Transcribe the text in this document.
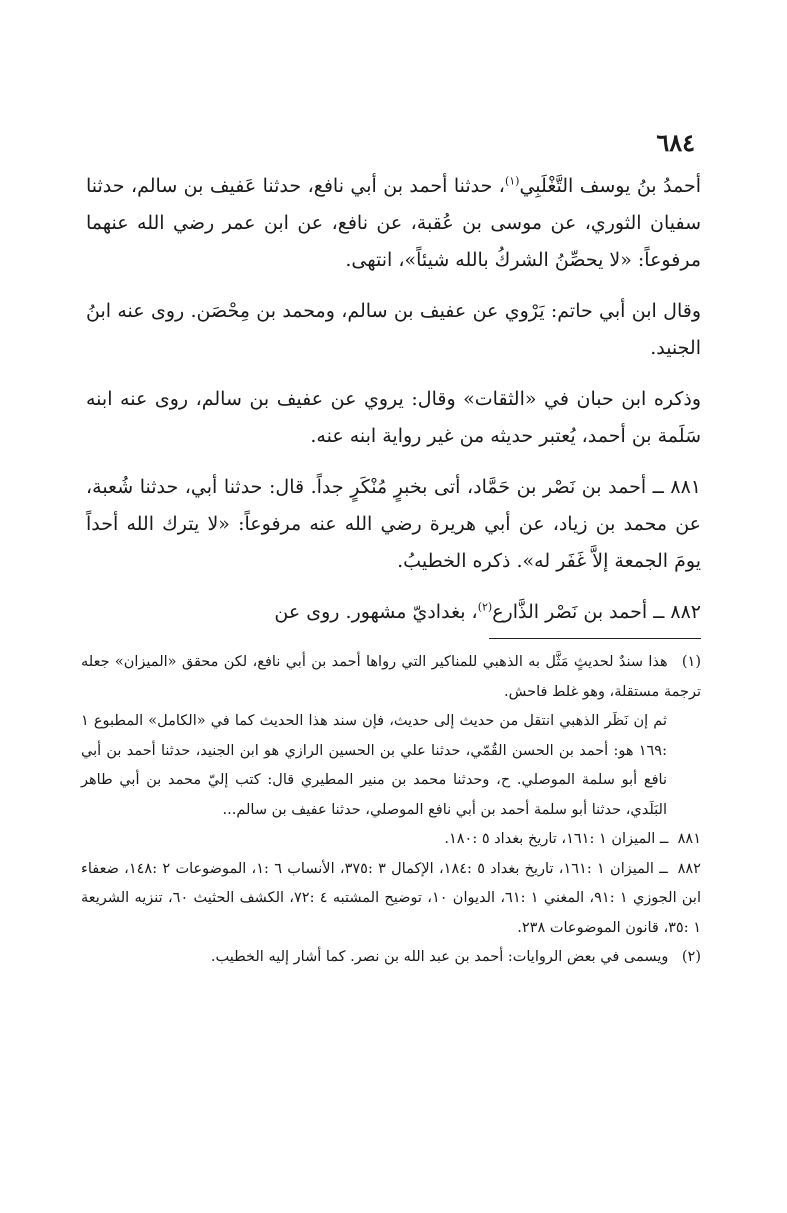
٦٨٤

أحمدُ بنُ يوسف التَّغْلَبِي$^{(١)}$، حدثنا أحمد بن أبي نافع، حدثنا عَفيف بن سالم، حدثنا سفيان الثوري، عن موسى بن عُقبة، عن نافع، عن ابن عمر رضي الله عنهما مرفوعاً: «لا يحصِّنُ الشركُ بالله شيئاً»، انتهى.

وقال ابن أبي حاتم: يَرْوي عن عفيف بن سالم، ومحمد بن مِحْصَن. روى عنه ابنُ الجنيد.

وذكره ابن حبان في «الثقات» وقال: يروي عن عفيف بن سالم، روى عنه ابنه سَلَمة بن أحمد، يُعتبر حديثه من غير رواية ابنه عنه.

٨٨١ ــ أحمد بن نَصْر بن حَمَّاد، أتى بخبرٍ مُنْكَرٍ جداً. قال: حدثنا أبي، حدثنا شُعبة، عن محمد بن زياد، عن أبي هريرة رضي الله عنه مرفوعاً: «لا يترك الله أحداً يومَ الجمعة إلاَّ غَفَر له». ذكره الخطيبُ.

٨٨٢ ــ أحمد بن نَصْر الذَّارع$^{(٢)}$، بغداديّ مشهور. روى عن

(١) هذا سندٌ لحديثٍ مَثَّل به الذهبي للمناكير التي رواها أحمد بن أبي نافع، لكن محقق «الميزان» جعله ترجمة مستقلة، وهو غلط فاحش.

ثم إن نَظَر الذهبي انتقل من حديث إلى حديث، فإن سند هذا الحديث كما في «الكامل» المطبوع ١ :١٦٩ هو: أحمد بن الحسن القُمّي، حدثنا علي بن الحسين الرازي هو ابن الجنيد، حدثنا أحمد بن أبي نافع أبو سلمة الموصلي. ح، وحدثنا محمد بن منير المطيري قال: كتب إليّ محمد بن أبي طاهر البَلَدي، حدثنا أبو سلمة أحمد بن أبي نافع الموصلي، حدثنا عفيف بن سالم...

٨٨١ ــ الميزان ١ :١٦١، تاريخ بغداد ٥ :١٨٠.

٨٨٢ ــ الميزان ١ :١٦١، تاريخ بغداد ٥ :١٨٤، الإكمال ٣ :٣٧٥، الأنساب ٦ :١، الموضوعات ٢ :١٤٨، ضعفاء ابن الجوزي ١ :٩١، المغني ١ :٦١، الديوان ١٠، توضيح المشتبه ٤ :٧٢، الكشف الحثيث ٦٠، تنزيه الشريعة ١ :٣٥، قانون الموضوعات ٢٣٨.

(٢) ويسمى في بعض الروايات: أحمد بن عبد الله بن نصر. كما أشار إليه الخطيب.
